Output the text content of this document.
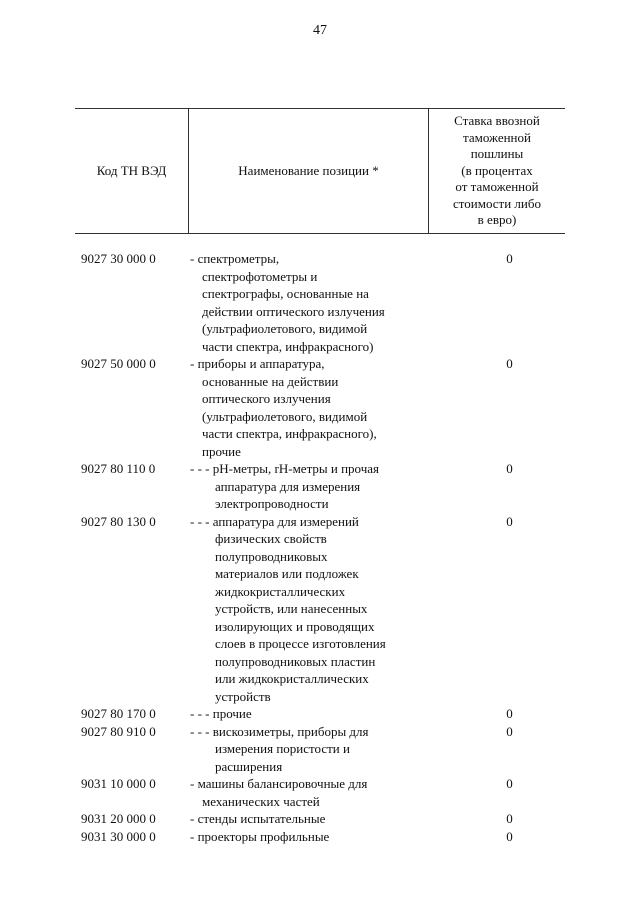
47
Код ТН ВЭД	Наименование позиции *
Ставка ввозной
таможенной
пошлины
(в процентах
от таможенной
стоимости либо
в евро)
9027 30 000 0	- спектрометры,
спектрофотометры и
спектрографы, основанные на
действии оптического излучения
(ультрафиолетового, видимой
части спектра, инфракрасного)
0
9027 50 000 0	- приборы и аппаратура,
основанные на действии
оптического излучения
(ультрафиолетового, видимой
части спектра, инфракрасного),
прочие
0
9027 80 110 0	- - - pH-метры, rH-метры и прочая
аппаратура для измерения
электропроводности
0
9027 80 130 0	- - - аппаратура для измерений
физических свойств
полупроводниковых
материалов или подложек
жидкокристаллических
устройств, или нанесенных
изолирующих и проводящих
слоев в процессе изготовления
полупроводниковых пластин
или жидкокристаллических
устройств
0
9027 80 170 0	- - - прочие	0
9027 80 910 0	- - - вискозиметры, приборы для
измерения пористости и
расширения
0
9031 10 000 0	- машины балансировочные для
механических частей
0
9031 20 000 0	- стенды испытательные	0
9031 30 000 0	- проекторы профильные	0
